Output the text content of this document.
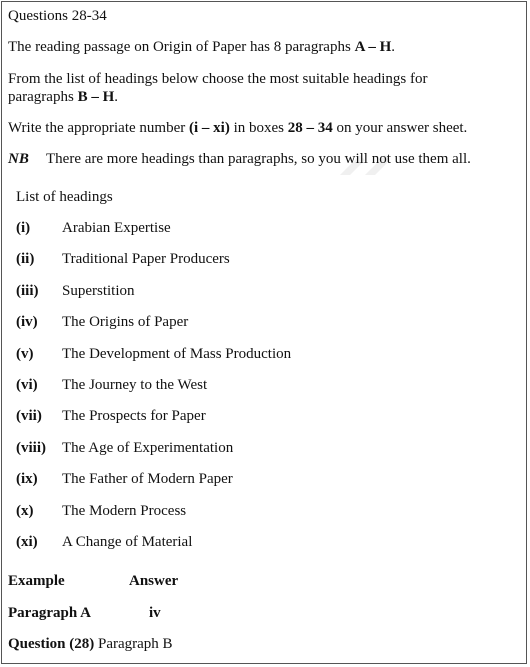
Questions 28-34
The reading passage on Origin of Paper has 8 paragraphs A – H.
From the list of headings below choose the most suitable headings for paragraphs B – H.
Write the appropriate number (i – xi) in boxes 28 – 34 on your answer sheet.
NB There are more headings than paragraphs, so you will not use them all.
List of headings
(i) Arabian Expertise
(ii) Traditional Paper Producers
(iii) Superstition
(iv) The Origins of Paper
(v) The Development of Mass Production
(vi) The Journey to the West
(vii) The Prospects for Paper
(viii) The Age of Experimentation
(ix) The Father of Modern Paper
(x) The Modern Process
(xi) A Change of Material
Example	Answer
Paragraph A	iv
Question (28) Paragraph B
